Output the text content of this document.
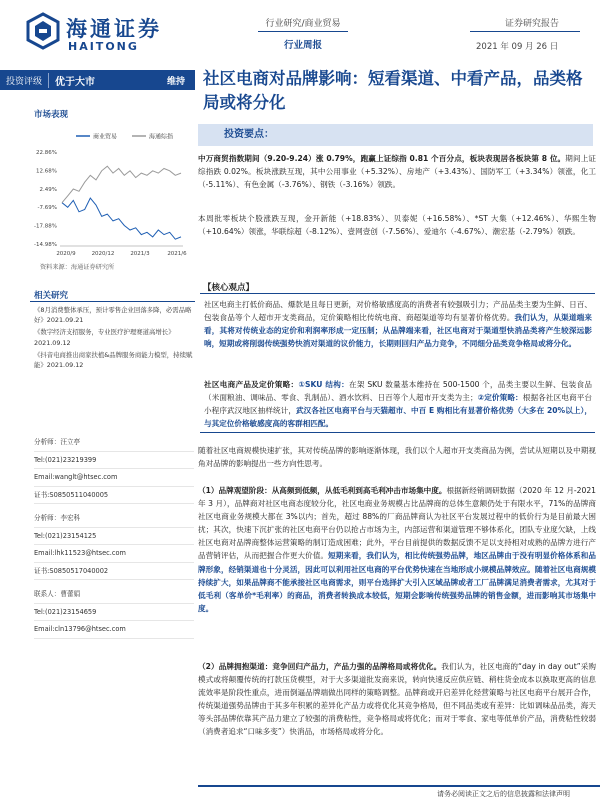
海通证券
HAITONG
行业研究/商业贸易
行业周报
证券研究报告
2021 年 09 月 26 日
投资评级	优于大市	维持	社区电商对品牌影响：短看渠道、中看产品，品类格局或将分化
市场表现
商业贸易	海通综指
22.86%
12.68%
2.49%
-7.69%
-17.88%
-14.98%
2020/9	2020/12	2021/3	2021/6
资料来源：海通证券研究所
相关研究
《8月消费整体承压，预计零售企业回落多降，必需品略好》2021.09.21
《数字经济支招服务，专业医疗护理赛道高增长》2021.09.12
《抖音电商推出商家扶植&品牌服务商能力模型，持续赋能》2021.09.12
分析师：汪立亭
Tel:(021)23219399
Email:wanglt@htsec.com
证书:S0850511040005
分析师：李宏科
Tel:(021)23154125
Email:lhk11523@htsec.com
证书:S0850517040002
联系人：曹蕾娟
Tel:(021)23154659
Email:cln13796@htsec.com
投资要点：
中万商贸指数期间（9.20-9.24）涨 0.79%，跑赢上证综指 0.81 个百分点，板块表现居各板块第 8 位。期间上证综指跌 0.02%。板块涨跌互现，其中公用事业（+5.32%）、房地产（+3.43%）、国防军工（+3.34%）领涨，化工（-5.11%）、有色金属（-3.76%）、钢铁（-3.16%）领跌。
本周批零板块个股涨跌互现，金开新能（+18.83%）、贝泰妮（+16.58%）、*ST 大集（+12.46%）、华熙生物（+10.64%）领涨，华联综超（-8.12%）、壹网壹创（-7.56%）、爱迪尔（-4.67%）、潮宏基（-2.79%）领跌。
【核心观点】
社区电商主打低价商品、爆款是且每日更新，对价格敏感度高的消费者有较强吸引力；产品品类主要为生鲜、日百、包装食品等个人超市开支类商品，定价策略相比传统电商、商超渠道等均有显著价格优势。我们认为，从渠道端来看，其将对传统业态的定价和利润率形成一定压制；从品牌端来看，社区电商对于渠道型快消品类将产生较深远影响，短期或将削弱传统强势快消对渠道的议价能力，长期则回归产品力竞争，不同细分品类竞争格局或将分化。
社区电商产品及定价策略：①SKU 结构：在架 SKU 数量基本维持在 500-1500 个，品类主要以生鲜、包装食品（米面粮油、调味品、零食、乳制品）、酒水饮料、日百等个人超市开支类为主；②定价策略：根据各社区电商平台小程序武汉地区抽样统计，武汉各社区电商平台与天猫超市、中百 E 购相比有显著价格优势（大多在 20%以上），与其定位价格敏感度高的客群相匹配。
随着社区电商规模快速扩张，其对传统品牌的影响逐渐体现，我们以个人超市开支类商品为例，尝试从短期以及中期视角对品牌的影响提出一些方向性思考。
（1）品牌观望阶段：从高频到低频，从低毛利到高毛利冲击市场集中度。根据新经销调研数据（2020 年 12 月-2021 年 3 月），品牌商对社区电商态度较分化，社区电商业务规模占比品牌商的总体生意额仍处于有限水平，71%的品牌商社区电商业务规模大都在 3%以内；首先，超过 88%的厂商品牌商认为社区平台发展过程中的低价行为是目前最大困扰；其次，快速下沉扩张的社区电商平台仍以抢占市场为主，内部运营和渠道管理不够体系化，团队专业度欠缺，上线社区电商对品牌商整体运营策略的制订造成困难；此外，平台目前提供的数据反馈不足以支持相对成熟的品牌方进行产品营销评估，从而把握合作更大价值。短期来看，我们认为，相比传统强势品牌，地区品牌由于没有明显价格体系和品牌形象，经销渠道也十分灵活，因此可以利用社区电商的平台优势快速在当地形成小规模品牌效应。随着社区电商规模持续扩大，如果品牌商不能承接社区电商需求，则平台选择扩大引入区域品牌或者工厂品牌满足消费者需求，尤其对于低毛利（客单价*毛利率）的商品，消费者转换成本较低，短期会影响传统强势品牌的销售金额，进而影响其市场集中度。
（2）品牌拥抱渠道：竞争回归产品力，产品力强的品牌格局或将优化。我们认为，社区电商的“day in day out”采购模式或将颠覆传统的打款压货模型，对于大多渠道批发商来说，转向快速反应供应链、稍柱货金成本以换取更高的信息流效率是阶段性重点，进而倒逼品牌端做出同样的策略调整。品牌商或开启差异化经营策略与社区电商平台展开合作，传统渠道强势品牌由于其多年积累的差异化产品力或将优化其竞争格局，但不同品类或有差异：比如调味品品类，海天等头部品牌依靠其产品力建立了较强的消费粘性，竞争格局或将优化；而对于零食、家电等低单价产品，消费粘性较弱（消费者追求“口味多变”）快消品，市场格局或将分化。
请务必阅读正文之后的信息披露和法律声明
